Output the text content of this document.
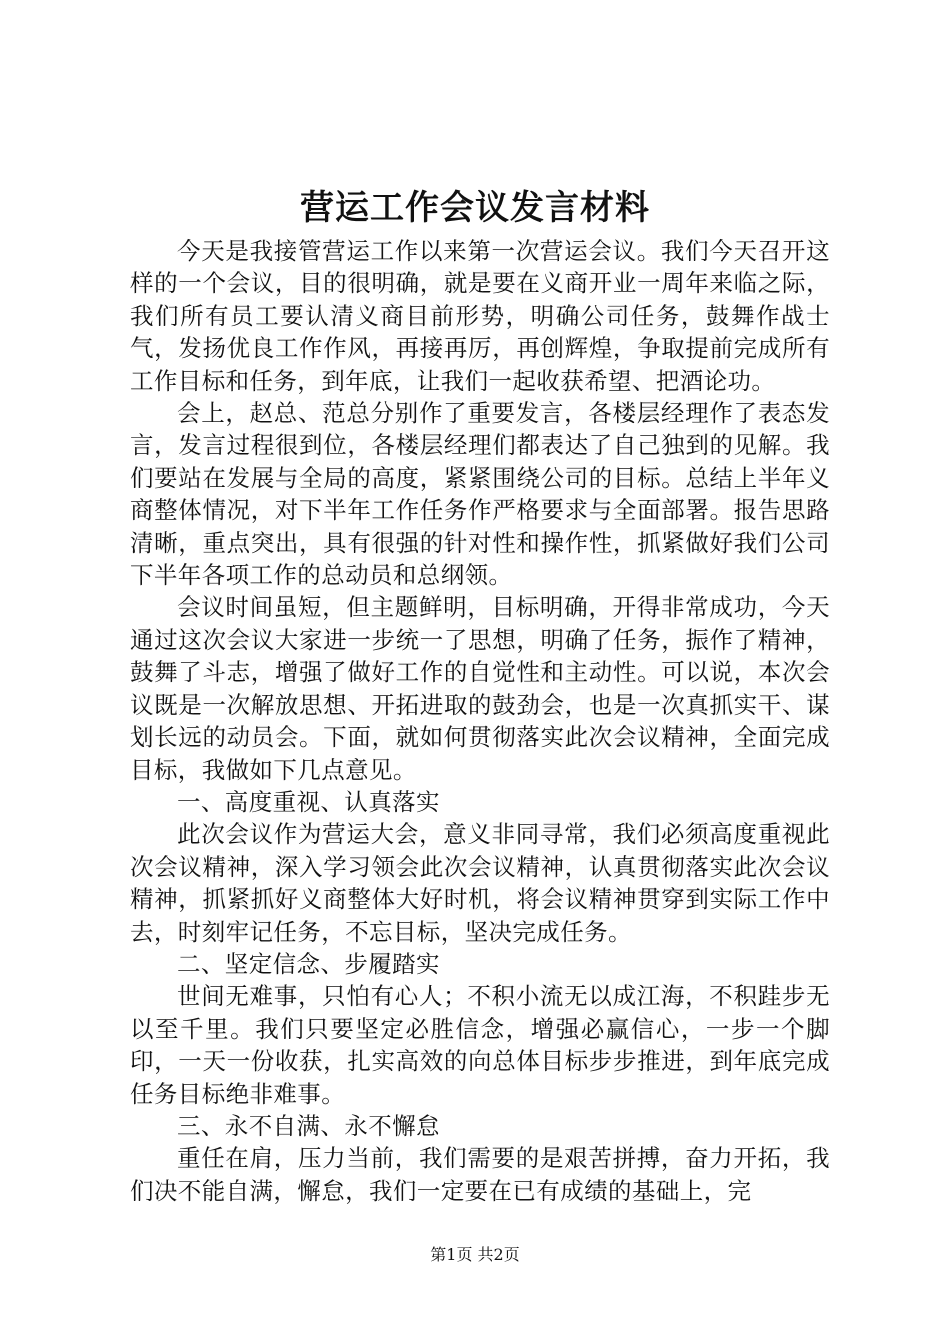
营运工作会议发言材料

今天是我接管营运工作以来第一次营运会议。我们今天召开这样的一个会议，目的很明确，就是要在义商开业一周年来临之际，我们所有员工要认清义商目前形势，明确公司任务，鼓舞作战士气，发扬优良工作作风，再接再厉，再创辉煌，争取提前完成所有工作目标和任务，到年底，让我们一起收获希望、把酒论功。

会上，赵总、范总分别作了重要发言，各楼层经理作了表态发言，发言过程很到位，各楼层经理们都表达了自己独到的见解。我们要站在发展与全局的高度，紧紧围绕公司的目标。总结上半年义商整体情况，对下半年工作任务作严格要求与全面部署。报告思路清晰，重点突出，具有很强的针对性和操作性，抓紧做好我们公司下半年各项工作的总动员和总纲领。

会议时间虽短，但主题鲜明，目标明确，开得非常成功，今天通过这次会议大家进一步统一了思想，明确了任务，振作了精神，鼓舞了斗志，增强了做好工作的自觉性和主动性。可以说，本次会议既是一次解放思想、开拓进取的鼓劲会，也是一次真抓实干、谋划长远的动员会。下面，就如何贯彻落实此次会议精神，全面完成目标，我做如下几点意见。

一、高度重视、认真落实

此次会议作为营运大会，意义非同寻常，我们必须高度重视此次会议精神，深入学习领会此次会议精神，认真贯彻落实此次会议精神，抓紧抓好义商整体大好时机，将会议精神贯穿到实际工作中去，时刻牢记任务，不忘目标，坚决完成任务。

二、坚定信念、步履踏实

世间无难事，只怕有心人；不积小流无以成江海，不积跬步无以至千里。我们只要坚定必胜信念，增强必赢信心，一步一个脚印，一天一份收获，扎实高效的向总体目标步步推进，到年底完成任务目标绝非难事。

三、永不自满、永不懈怠

重任在肩，压力当前，我们需要的是艰苦拼搏，奋力开拓，我们决不能自满，懈怠，我们一定要在已有成绩的基础上，完

第1页 共2页
